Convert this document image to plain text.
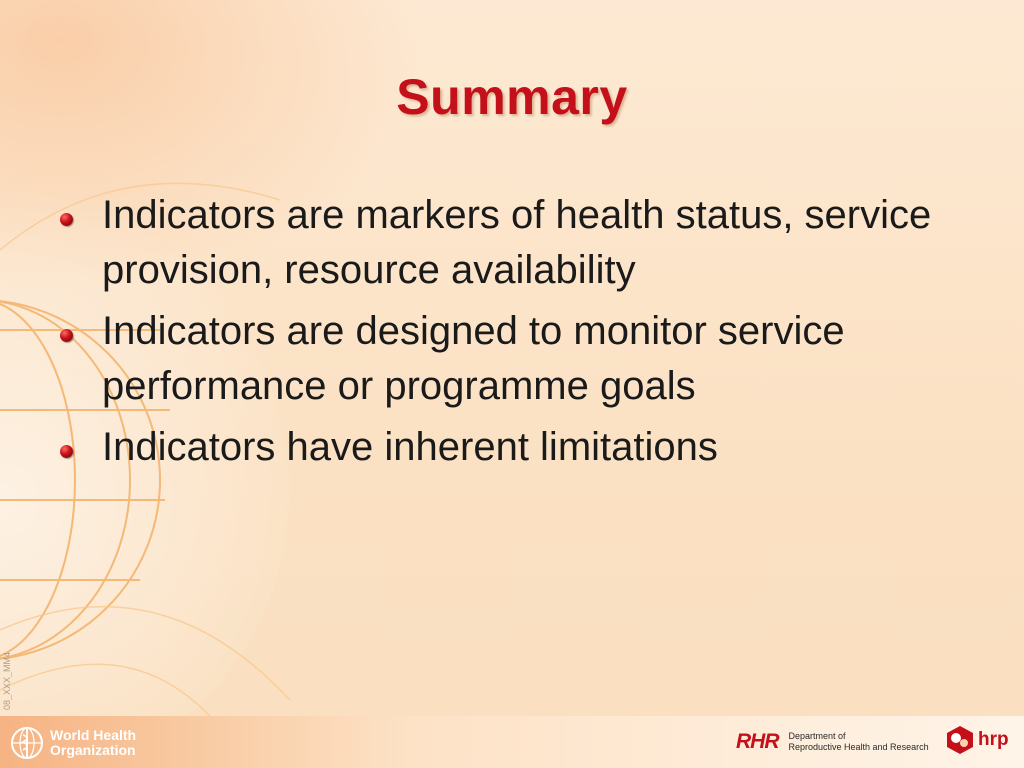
Summary
Indicators are markers of health status, service provision, resource availability
Indicators are designed to monitor service performance or programme goals
Indicators have inherent limitations
08_XXX_MM4
World Health
Organization	RHR Department of
Reproductive Health and Research	hrp
